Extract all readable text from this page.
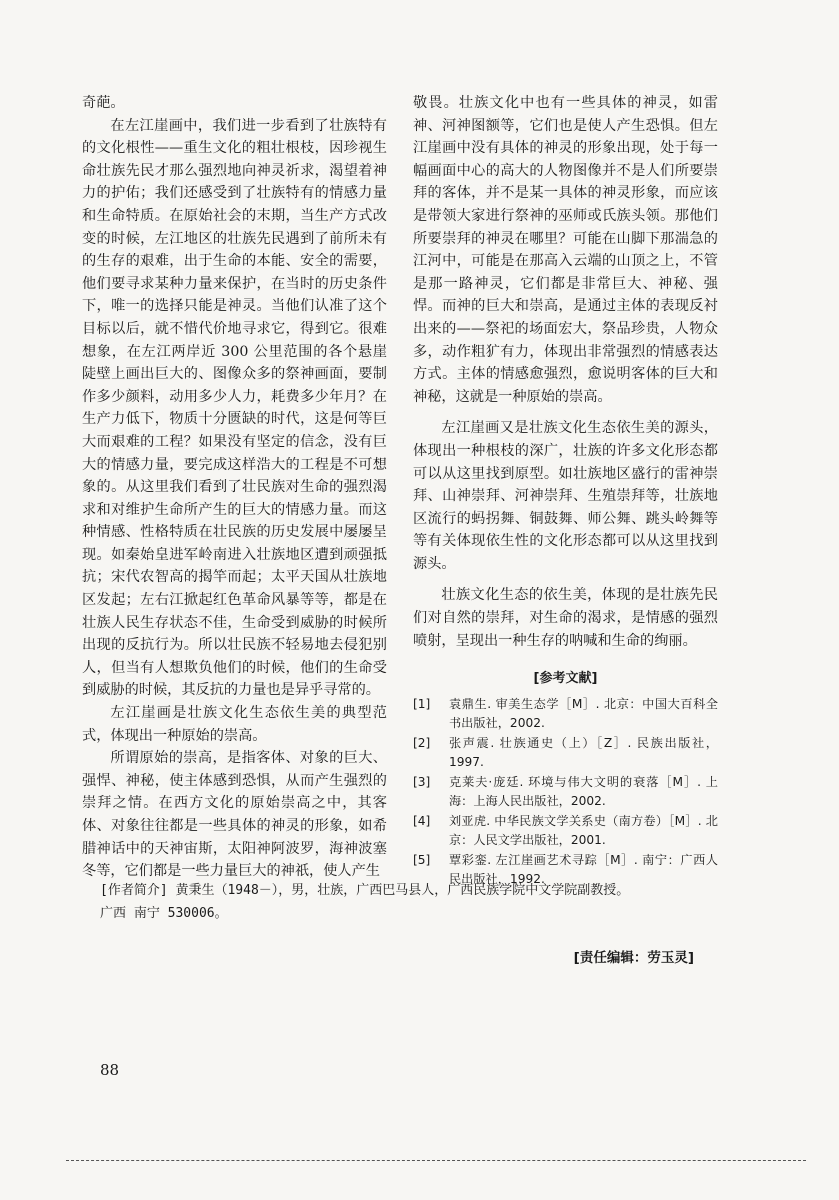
奇葩。

在左江崖画中，我们进一步看到了壮族特有的文化根性——重生文化的粗壮根枝，因珍视生命壮族先民才那么强烈地向神灵祈求，渴望着神力的护佑；我们还感受到了壮族特有的情感力量和生命特质。在原始社会的末期，当生产方式改变的时候，左江地区的壮族先民遇到了前所未有的生存的艰难，出于生命的本能、安全的需要，他们要寻求某种力量来保护，在当时的历史条件下，唯一的选择只能是神灵。当他们认准了这个目标以后，就不惜代价地寻求它，得到它。很难想象，在左江两岸近 300 公里范围的各个悬崖陡壁上画出巨大的、图像众多的祭神画面，要制作多少颜料，动用多少人力，耗费多少年月？在生产力低下，物质十分匮缺的时代，这是何等巨大而艰难的工程？如果没有坚定的信念，没有巨大的情感力量，要完成这样浩大的工程是不可想象的。从这里我们看到了壮民族对生命的强烈渴求和对维护生命所产生的巨大的情感力量。而这种情感、性格特质在壮民族的历史发展中屡屡呈现。如秦始皇进军岭南进入壮族地区遭到顽强抵抗；宋代农智高的揭竿而起；太平天国从壮族地区发起；左右江掀起红色革命风暴等等，都是在壮族人民生存状态不佳，生命受到威胁的时候所出现的反抗行为。所以壮民族不轻易地去侵犯别人，但当有人想欺负他们的时候，他们的生命受到威胁的时候，其反抗的力量也是异乎寻常的。

左江崖画是壮族文化生态依生美的典型范式，体现出一种原始的崇高。

所谓原始的崇高，是指客体、对象的巨大、强悍、神秘，使主体感到恐惧，从而产生强烈的崇拜之情。在西方文化的原始崇高之中，其客体、对象往往都是一些具体的神灵的形象，如希腊神话中的天神宙斯，太阳神阿波罗，海神波塞冬等，它们都是一些力量巨大的神祇，使人产生

敬畏。壮族文化中也有一些具体的神灵，如雷神、河神图额等，它们也是使人产生恐惧。但左江崖画中没有具体的神灵的形象出现，处于每一幅画面中心的高大的人物图像并不是人们所要崇拜的客体，并不是某一具体的神灵形象，而应该是带领大家进行祭神的巫师或氏族头领。那他们所要崇拜的神灵在哪里？可能在山脚下那湍急的江河中，可能是在那高入云端的山顶之上，不管是那一路神灵，它们都是非常巨大、神秘、强悍。而神的巨大和崇高，是通过主体的表现反衬出来的——祭祀的场面宏大，祭品珍贵，人物众多，动作粗犷有力，体现出非常强烈的情感表达方式。主体的情感愈强烈，愈说明客体的巨大和神秘，这就是一种原始的崇高。

左江崖画又是壮族文化生态依生美的源头，体现出一种根枝的深广，壮族的许多文化形态都可以从这里找到原型。如壮族地区盛行的雷神崇拜、山神崇拜、河神崇拜、生殖崇拜等，壮族地区流行的蚂拐舞、铜鼓舞、师公舞、跳头岭舞等等有关体现依生性的文化形态都可以从这里找到源头。

壮族文化生态的依生美，体现的是壮族先民们对自然的崇拜，对生命的渴求，是情感的强烈喷射，呈现出一种生存的呐喊和生命的绚丽。

[参考文献]
[1]	袁鼎生. 审美生态学［M］. 北京：中国大百科全书出版社，2002.
[2]	张声震. 壮族通史（上）［Z］. 民族出版社，1997.
[3]	克莱夫·庞廷. 环境与伟大文明的衰落［M］. 上海：上海人民出版社，2002.
[4]	刘亚虎. 中华民族文学关系史（南方卷）［M］. 北京：人民文学出版社，2001.
[5]	覃彩銮. 左江崖画艺术寻踪［M］. 南宁：广西人民出版社，1992.
[作者简介] 黄秉生（1948－），男，壮族，广西巴马县人，广西民族学院中文学院副教授。
广西 南宁 530006。
[责任编辑：劳玉灵]
88
